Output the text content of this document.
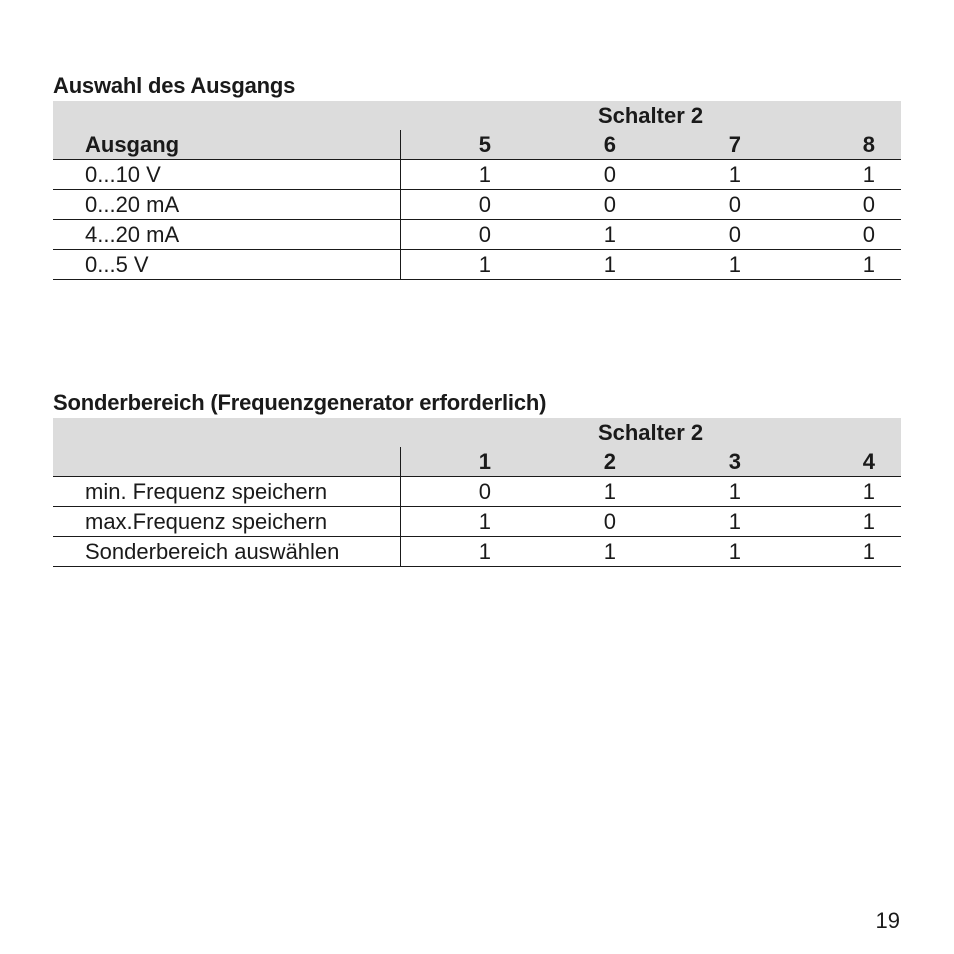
Auswahl des Ausgangs
	Schalter 2			
Ausgang	5	6	7	8
0...10 V	1	0	1	1
0...20 mA	0	0	0	0
4...20 mA	0	1	0	0
0...5 V	1	1	1	1
Sonderbereich (Frequenzgenerator erforderlich)
	Schalter 2			
	1	2	3	4
min. Frequenz speichern	0	1	1	1
max.Frequenz speichern	1	0	1	1
Sonderbereich auswählen	1	1	1	1
19
